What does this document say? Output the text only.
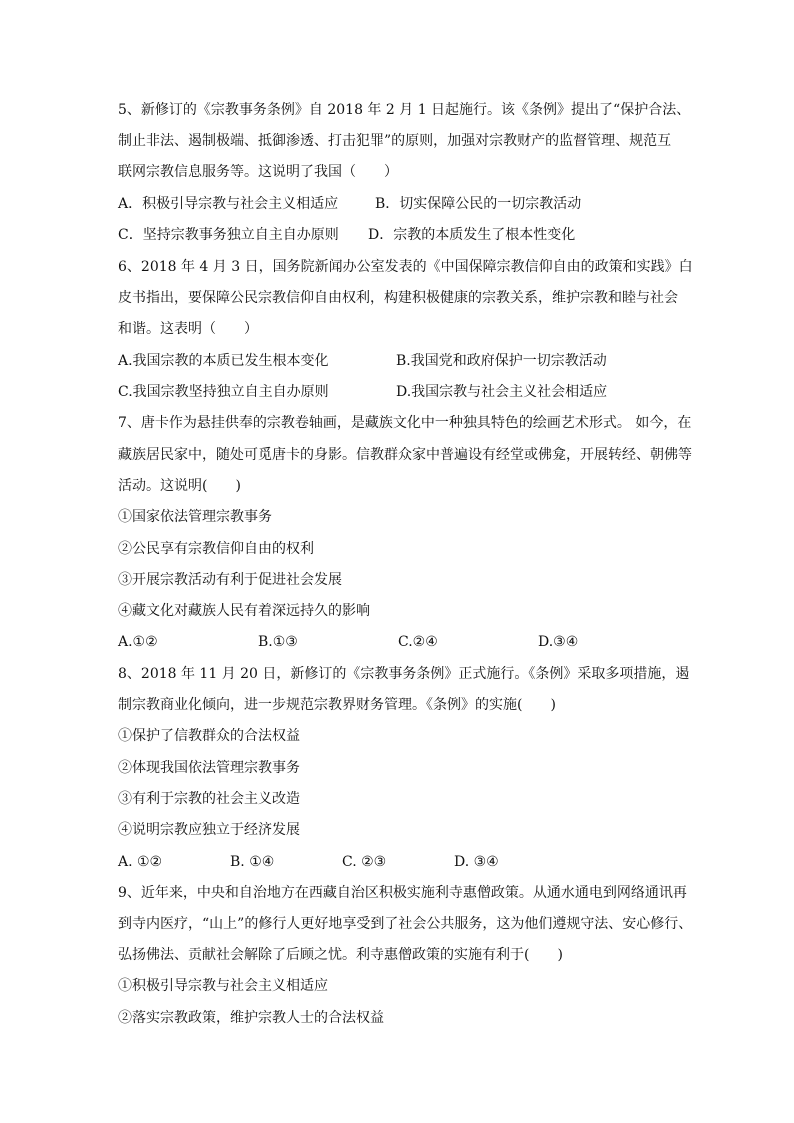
5、新修订的《宗教事务条例》自 2018 年 2 月 1 日起施行。该《条例》提出了“保护合法、
制止非法、遏制极端、抵御渗透、打击犯罪”的原则，加强对宗教财产的监督管理、规范互
联网宗教信息服务等。这说明了我国（　　）
A．积极引导宗教与社会主义相适应	B．切实保障公民的一切宗教活动
C．坚持宗教事务独立自主自办原则 D．宗教的本质发生了根本性变化
6、2018 年 4 月 3 日，国务院新闻办公室发表的《中国保障宗教信仰自由的政策和实践》白
皮书指出，要保障公民宗教信仰自由权利，构建积极健康的宗教关系，维护宗教和睦与社会
和谐。这表明（　　）
A.我国宗教的本质已发生根本变化	B.我国党和政府保护一切宗教活动
C.我国宗教坚持独立自主自办原则	D.我国宗教与社会主义社会相适应
7、唐卡作为悬挂供奉的宗教卷轴画，是藏族文化中一种独具特色的绘画艺术形式。 如今，在
藏族居民家中，随处可觅唐卡的身影。信教群众家中普遍设有经堂或佛龛，开展转经、朝佛等
活动。这说明(　　)
①国家依法管理宗教事务
②公民享有宗教信仰自由的权利
③开展宗教活动有利于促进社会发展
④藏文化对藏族人民有着深远持久的影响
A.①②	B.①③	C.②④	D.③④
8、2018 年 11 月 20 日，新修订的《宗教事务条例》正式施行。《条例》采取多项措施，遏
制宗教商业化倾向，进一步规范宗教界财务管理。《条例》的实施(　　)
①保护了信教群众的合法权益
②体现我国依法管理宗教事务
③有利于宗教的社会主义改造
④说明宗教应独立于经济发展
A. ①②	B. ①④	C. ②③	D. ③④
9、近年来，中央和自治地方在西藏自治区积极实施利寺惠僧政策。从通水通电到网络通讯再
到寺内医疗，“山上”的修行人更好地享受到了社会公共服务，这为他们遵规守法、安心修行、
弘扬佛法、贡献社会解除了后顾之忧。利寺惠僧政策的实施有利于(　　)
①积极引导宗教与社会主义相适应
②落实宗教政策，维护宗教人士的合法权益
